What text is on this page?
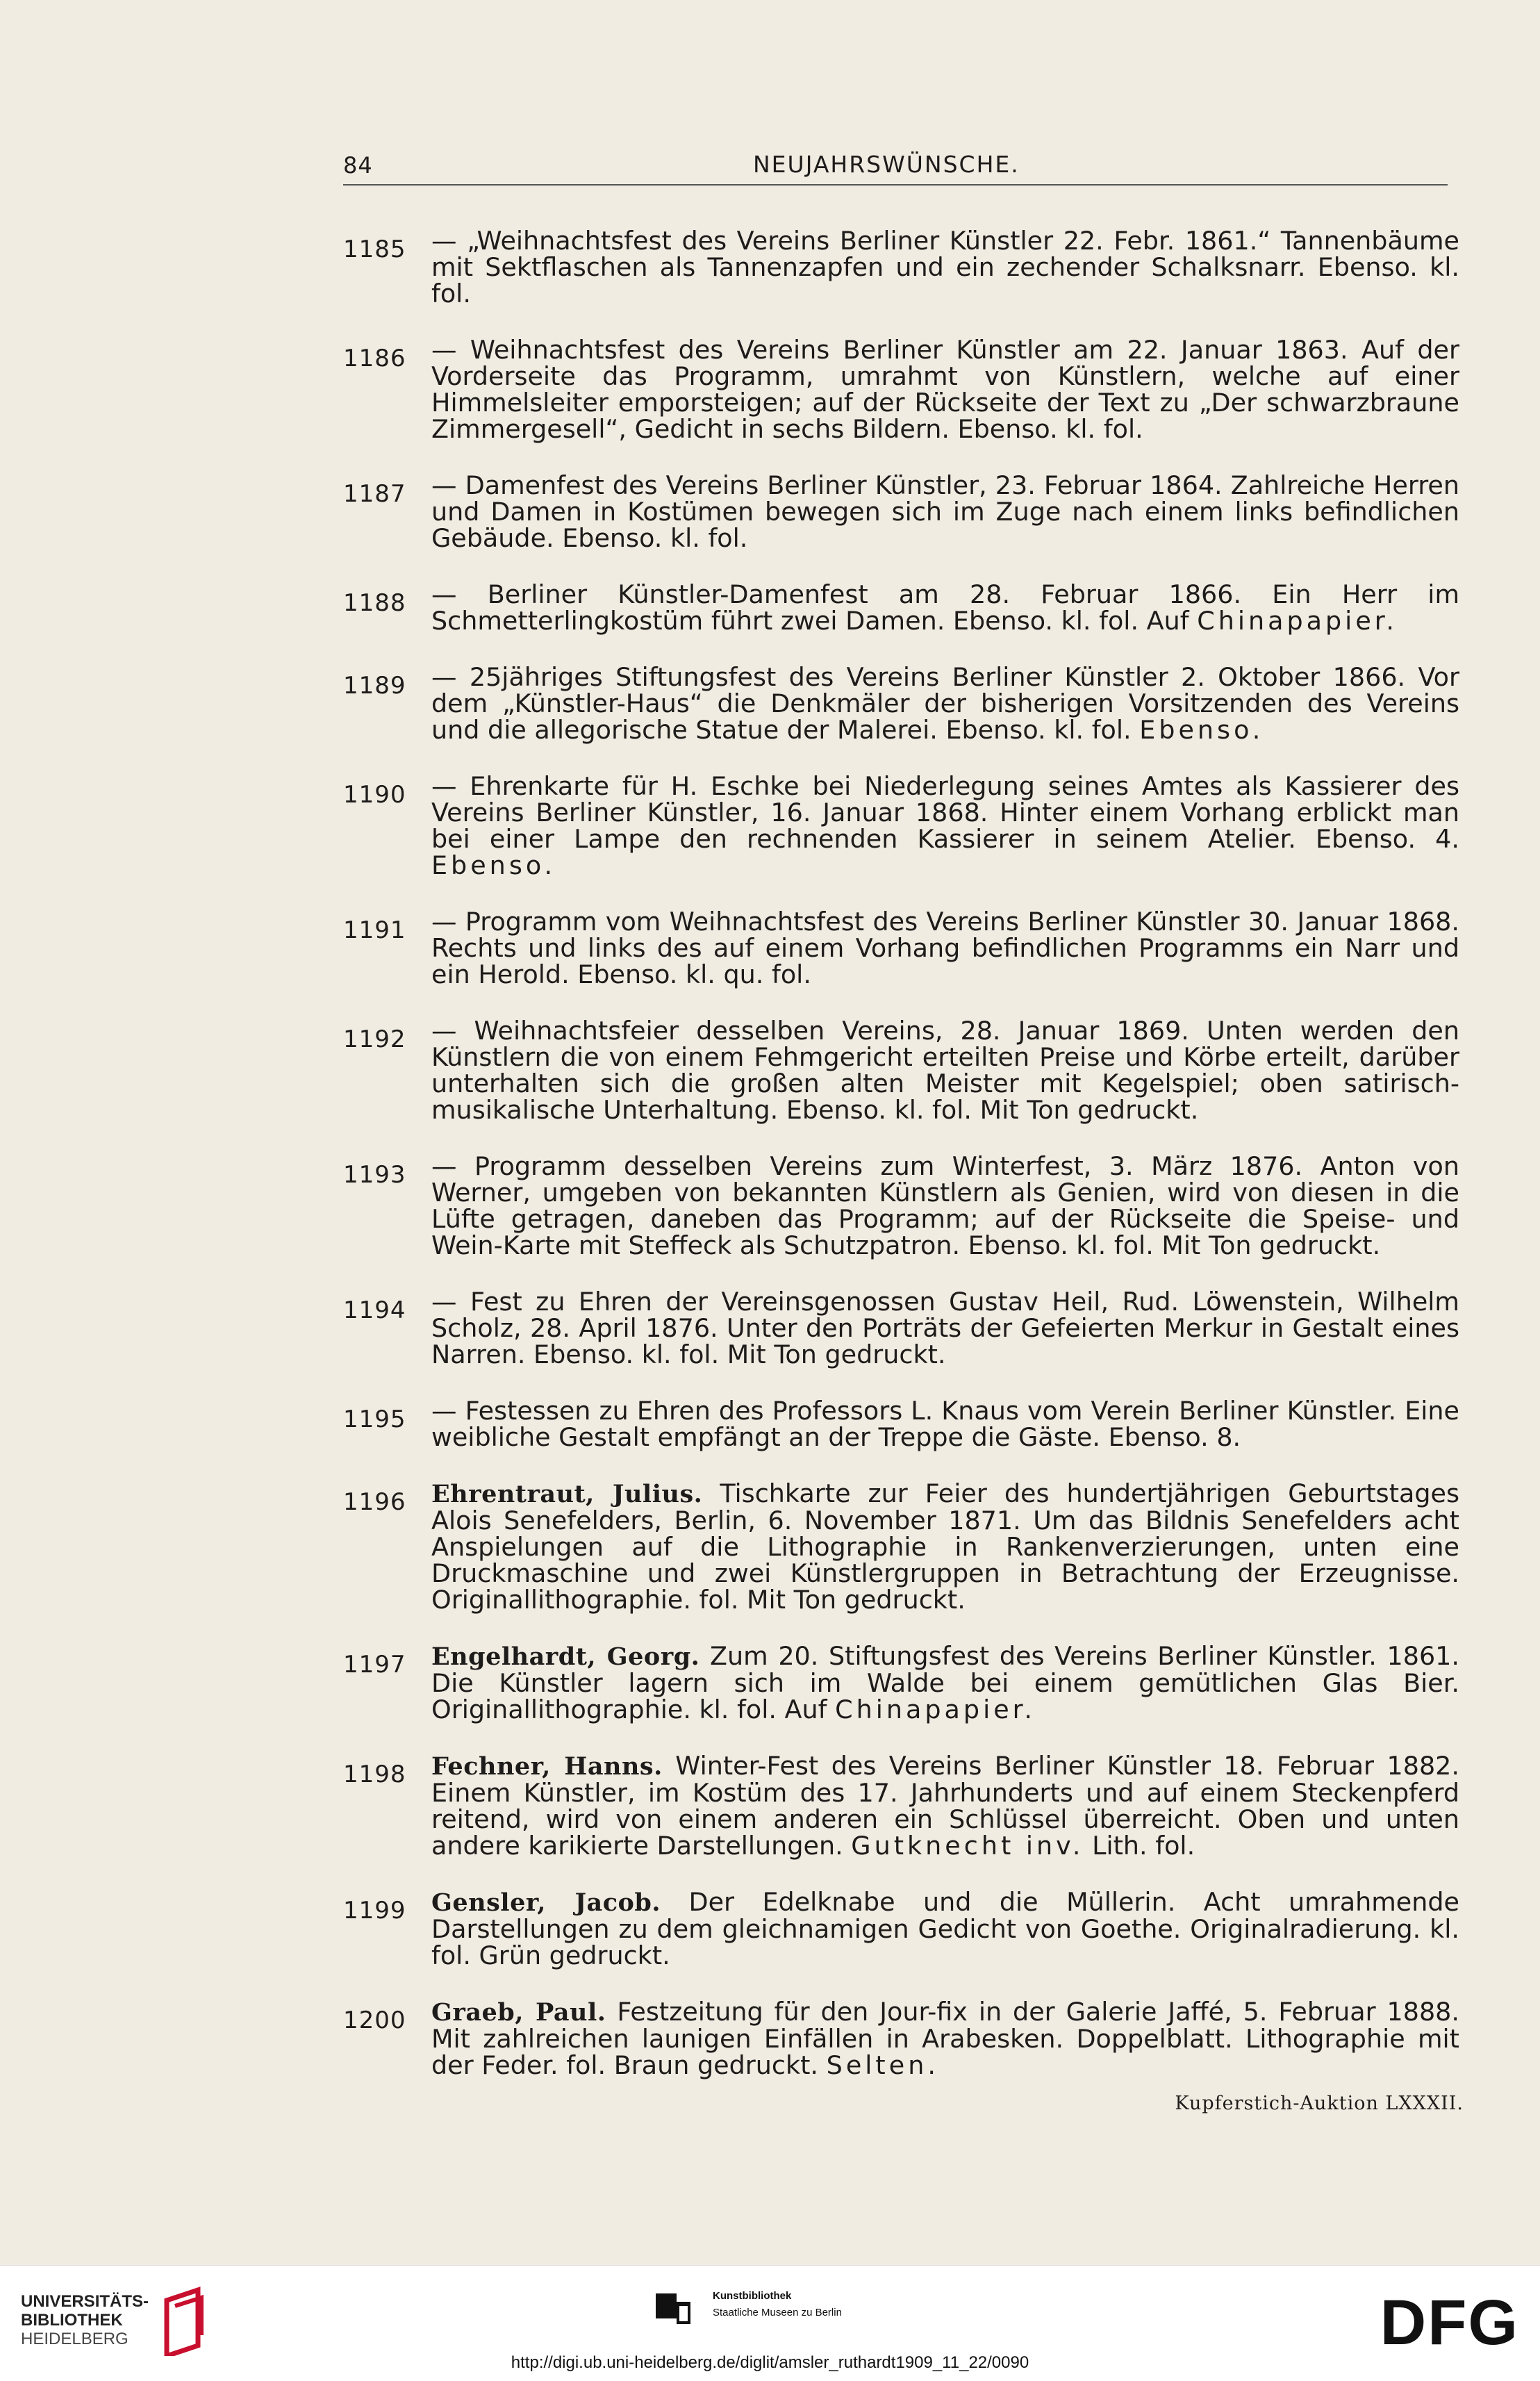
84	NEUJAHRSWÜNSCHE.
1185 — „Weihnachtsfest des Vereins Berliner Künstler 22. Febr. 1861.“ Tannenbäume mit Sektflaschen als Tannenzapfen und ein zechender Schalksnarr. Ebenso. kl. fol.
1186 — Weihnachtsfest des Vereins Berliner Künstler am 22. Januar 1863. Auf der Vorderseite das Programm, umrahmt von Künstlern, welche auf einer Himmelsleiter emporsteigen; auf der Rückseite der Text zu „Der schwarzbraune Zimmergesell“, Gedicht in sechs Bildern. Ebenso. kl. fol.
1187 — Damenfest des Vereins Berliner Künstler, 23. Februar 1864. Zahlreiche Herren und Damen in Kostümen bewegen sich im Zuge nach einem links befindlichen Gebäude. Ebenso. kl. fol.
1188 — Berliner Künstler-Damenfest am 28. Februar 1866. Ein Herr im Schmetterlingkostüm führt zwei Damen. Ebenso. kl. fol. Auf Chinapapier.
1189 — 25jähriges Stiftungsfest des Vereins Berliner Künstler 2. Oktober 1866. Vor dem „Künstler-Haus“ die Denkmäler der bisherigen Vorsitzenden des Vereins und die allegorische Statue der Malerei. Ebenso. kl. fol. Ebenso.
1190 — Ehrenkarte für H. Eschke bei Niederlegung seines Amtes als Kassierer des Vereins Berliner Künstler, 16. Januar 1868. Hinter einem Vorhang erblickt man bei einer Lampe den rechnenden Kassierer in seinem Atelier. Ebenso. 4. Ebenso.
1191 — Programm vom Weihnachtsfest des Vereins Berliner Künstler 30. Januar 1868. Rechts und links des auf einem Vorhang befindlichen Programms ein Narr und ein Herold. Ebenso. kl. qu. fol.
1192 — Weihnachtsfeier desselben Vereins, 28. Januar 1869. Unten werden den Künstlern die von einem Fehmgericht erteilten Preise und Körbe erteilt, darüber unterhalten sich die großen alten Meister mit Kegelspiel; oben satirisch-musikalische Unterhaltung. Ebenso. kl. fol. Mit Ton gedruckt.
1193 — Programm desselben Vereins zum Winterfest, 3. März 1876. Anton von Werner, umgeben von bekannten Künstlern als Genien, wird von diesen in die Lüfte getragen, daneben das Programm; auf der Rückseite die Speise- und Wein-Karte mit Steffeck als Schutzpatron. Ebenso. kl. fol. Mit Ton gedruckt.
1194 — Fest zu Ehren der Vereinsgenossen Gustav Heil, Rud. Löwenstein, Wilhelm Scholz, 28. April 1876. Unter den Porträts der Gefeierten Merkur in Gestalt eines Narren. Ebenso. kl. fol. Mit Ton gedruckt.
1195 — Festessen zu Ehren des Professors L. Knaus vom Verein Berliner Künstler. Eine weibliche Gestalt empfängt an der Treppe die Gäste. Ebenso. 8.
1196	Ehrentraut, Julius. Tischkarte zur Feier des hundertjährigen Geburtstages Alois Senefelders, Berlin, 6. November 1871. Um das Bildnis Senefelders acht Anspielungen auf die Lithographie in Rankenverzierungen, unten eine Druckmaschine und zwei Künstlergruppen in Betrachtung der Erzeugnisse. Originallithographie. fol. Mit Ton gedruckt.
1197	Engelhardt, Georg. Zum 20. Stiftungsfest des Vereins Berliner Künstler. 1861. Die Künstler lagern sich im Walde bei einem gemütlichen Glas Bier. Originallithographie. kl. fol. Auf Chinapapier.
1198	Fechner, Hanns. Winter-Fest des Vereins Berliner Künstler 18. Februar 1882. Einem Künstler, im Kostüm des 17. Jahrhunderts und auf einem Steckenpferd reitend, wird von einem anderen ein Schlüssel überreicht. Oben und unten andere karikierte Darstellungen. Gutknecht inv. Lith. fol.
1199	Gensler, Jacob. Der Edelknabe und die Müllerin. Acht umrahmende Darstellungen zu dem gleichnamigen Gedicht von Goethe. Originalradierung. kl. fol. Grün gedruckt.
1200	Graeb, Paul. Festzeitung für den Jour-fix in der Galerie Jaffé, 5. Februar 1888. Mit zahlreichen launigen Einfällen in Arabesken. Doppelblatt. Lithographie mit der Feder. fol. Braun gedruckt. Selten.
Kupferstich-Auktion LXXXII.
UNIVERSITÄTS-
BIBLIOTHEK
HEIDELBERG
Kunstbibliothek
Staatliche Museen zu Berlin	DFG
http://digi.ub.uni-heidelberg.de/diglit/amsler_ruthardt1909_11_22/0090
